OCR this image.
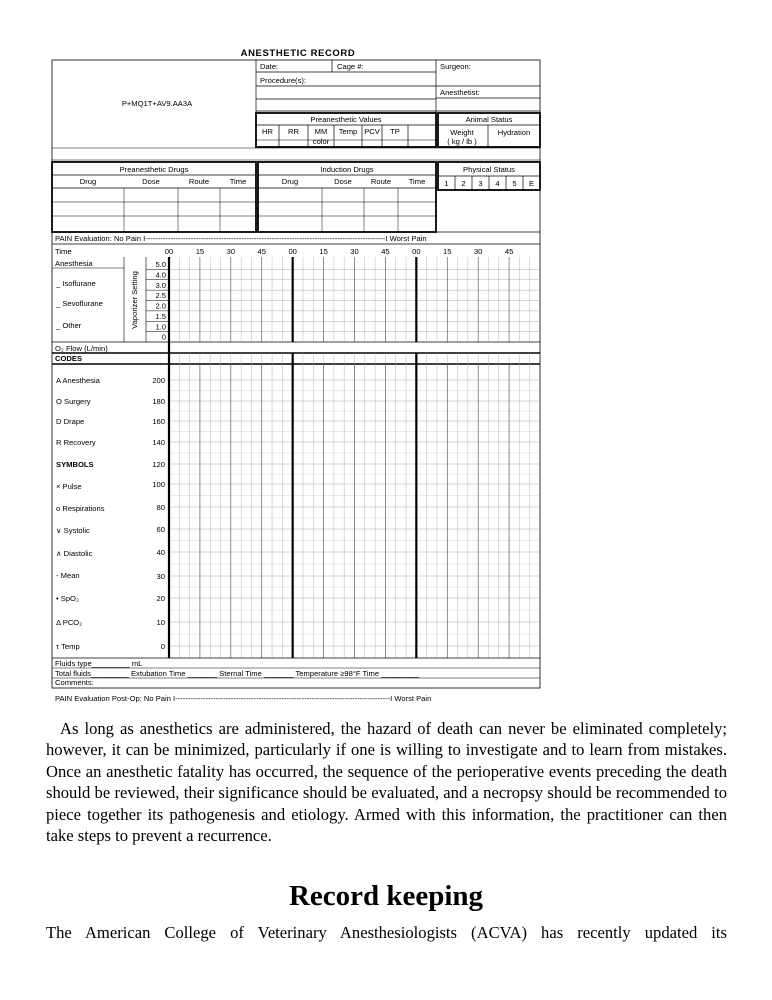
ANESTHETIC RECORD
Date:	Cage #:	Surgeon:
Procedure(s):
Anesthetist:
P+MQ1T+AV9.AA3A
Preanesthetic Values
HR RR MM Temp PCV TP
color
Animal Status
Weight
( kg / lb )
Hydration
Preanesthetic Drugs	Induction Drugs
Drug	Dose	Route	Time	Drug	Dose	Route Time
Physical Status
1 2 3 4 5 E
PAIN Evaluation: No Pain I-----------------------------------------------------------------------------------------------I Worst Pain
Time	00	15	30	45	00	15	30	45	00	15	30	45
Anesthesia
_ Isoflurane
_ Sevoflurane
_ Other	Vaporizer Setting
5.0
4.0
3.0
2.5
2.0
1.5
1.0
0
O₂ Flow (L/min)
CODES
A Anesthesia
O Surgery
D Drape
R Recovery
SYMBOLS
× Pulse
o Respirations
∨ Systolic
∧ Diastolic
- Mean
• SpO₂
Δ PCO₂
τ Temp
200
180
160
140
120
100
80
60
40
30
20
10
0
Fluids type_________ mL
Total fluids_________ Extubation Time _______ Sternal Time _______ Temperature ≥98°F Time _________
Comments:
PAIN Evaluation Post-Op: No Pain I-------------------------------------------------------------------------------------I Worst Pain

As long as anesthetics are administered, the hazard of death can never be eliminated completely; however, it can be minimized, particularly if one is willing to investigate and to learn from mistakes. Once an anesthetic fatality has occurred, the sequence of the perioperative events preceding the death should be reviewed, their significance should be evaluated, and a necropsy should be recommended to piece together its pathogenesis and etiology. Armed with this information, the practitioner can then take steps to prevent a recurrence.

Record keeping

The American College of Veterinary Anesthesiologists (ACVA) has recently updated its
